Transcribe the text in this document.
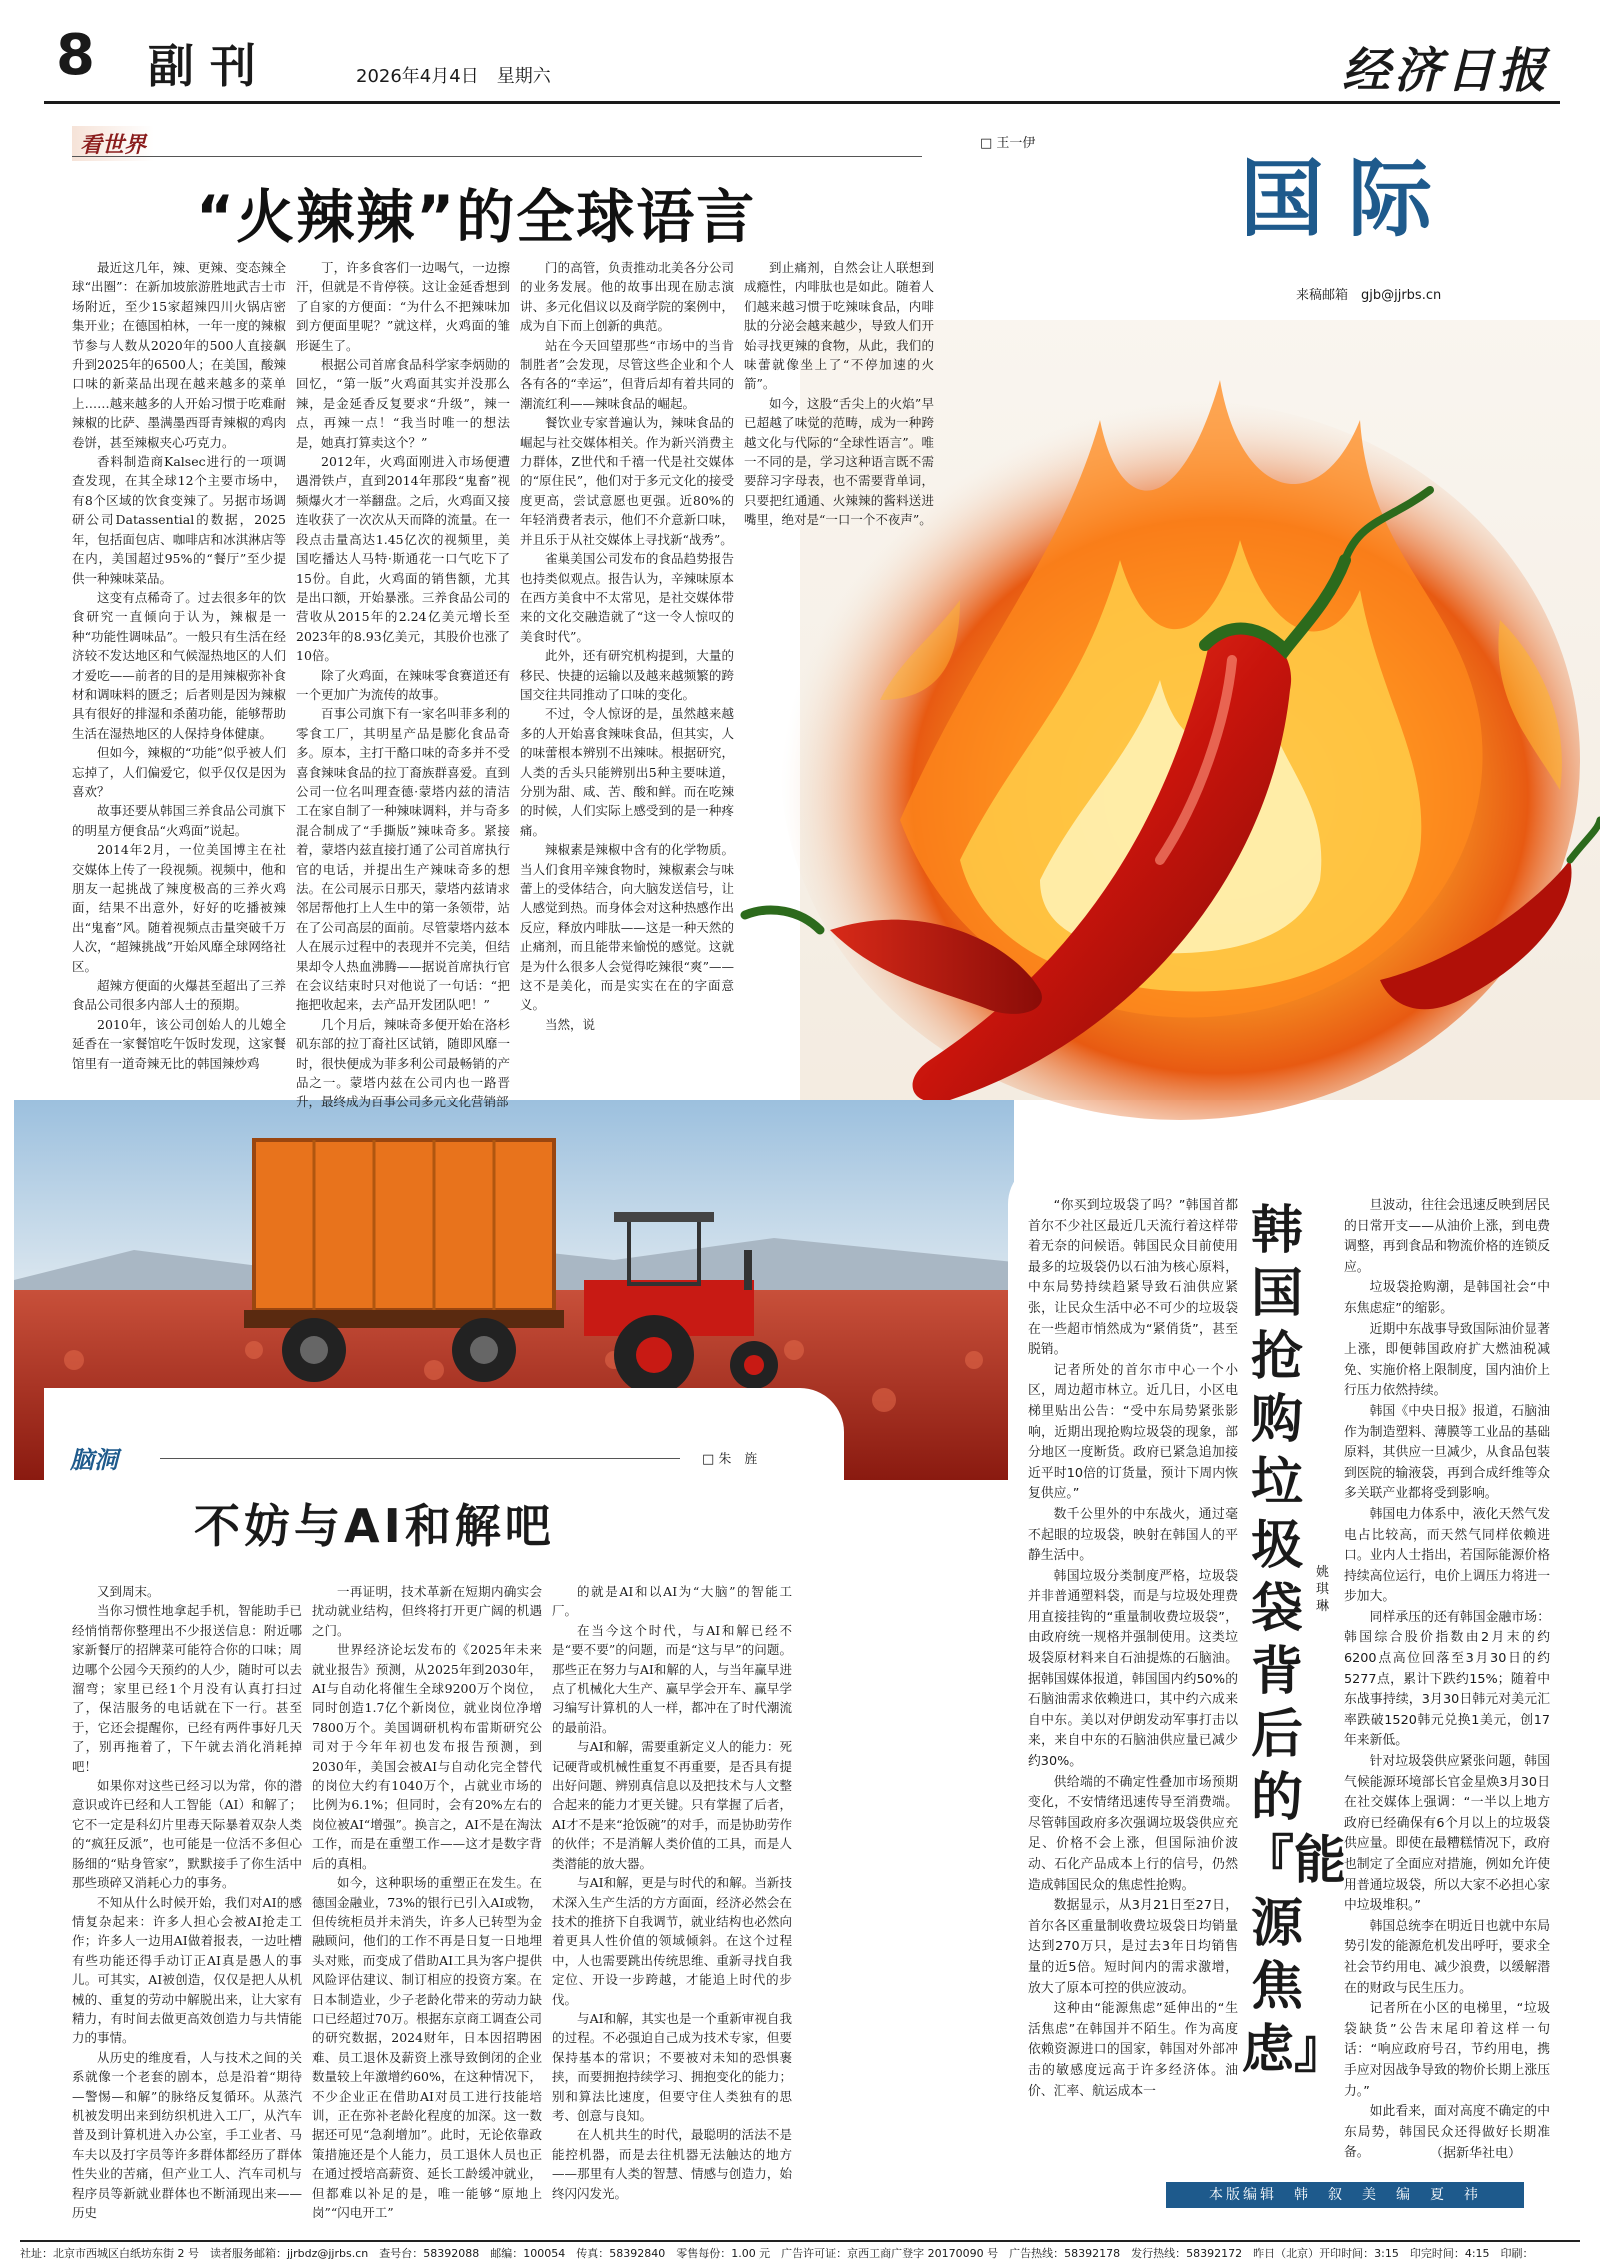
8 副刊	2026年4月4日　星期六	经济日报
国际
来稿邮箱　gjb@jjrbs.cn
看世界	□ 王一伊
“火辣辣”的全球语言

最近这几年，辣、更辣、变态辣全球“出圈”：在新加坡旅游胜地武吉士市场附近，至少15家超辣四川火锅店密集开业；在德国柏林，一年一度的辣椒节参与人数从2020年的500人直接飙升到2025年的6500人；在美国，酸辣口味的新菜品出现在越来越多的菜单上……越来越多的人开始习惯于吃难耐辣椒的比萨、墨满墨西哥青辣椒的鸡肉卷饼，甚至辣椒夹心巧克力。

香料制造商Kalsec进行的一项调查发现，在其全球12个主要市场中，有8个区域的饮食变辣了。另据市场调研公司Datassential的数据，2025年，包括面包店、咖啡店和冰淇淋店等在内，美国超过95%的“餐厅”至少提供一种辣味菜品。

这变有点稀奇了。过去很多年的饮食研究一直倾向于认为，辣椒是一种“功能性调味品”。一般只有生活在经济较不发达地区和气候湿热地区的人们才爱吃——前者的目的是用辣椒弥补食材和调味料的匮乏；后者则是因为辣椒具有很好的排湿和杀菌功能，能够帮助生活在湿热地区的人保持身体健康。

但如今，辣椒的“功能”似乎被人们忘掉了，人们偏爱它，似乎仅仅是因为喜欢？

故事还要从韩国三养食品公司旗下的明星方便食品“火鸡面”说起。

2014年2月，一位美国博主在社交媒体上传了一段视频。视频中，他和朋友一起挑战了辣度极高的三养火鸡面，结果不出意外，好好的吃播被辣出“鬼畜”风。随着视频点击量突破千万人次，“超辣挑战”开始风靡全球网络社区。

超辣方便面的火爆甚至超出了三养食品公司很多内部人士的预期。

2010年，该公司创始人的儿媳全延香在一家餐馆吃午饭时发现，这家餐馆里有一道奇辣无比的韩国辣炒鸡

丁，许多食客们一边喝气，一边擦汗，但就是不肯停筷。这让金延香想到了自家的方便面：“为什么不把辣味加到方便面里呢？”就这样，火鸡面的雏形诞生了。

根据公司首席食品科学家李炳勋的回忆，“第一版”火鸡面其实并没那么辣，是金延香反复要求“升级”，辣一点，再辣一点！“我当时唯一的想法是，她真打算卖这个？”

2012年，火鸡面刚进入市场便遭遇滑铁卢，直到2014年那段“鬼畜”视频爆火才一举翻盘。之后，火鸡面又接连收获了一次次从天而降的流量。在一段点击量高达1.45亿次的视频里，美国吃播达人马特·斯通花一口气吃下了15份。自此，火鸡面的销售额，尤其是出口额，开始暴涨。三养食品公司的营收从2015年的2.24亿美元增长至2023年的8.93亿美元，其股价也涨了10倍。

除了火鸡面，在辣味零食赛道还有一个更加广为流传的故事。

百事公司旗下有一家名叫菲多利的零食工厂，其明星产品是膨化食品奇多。原本，主打干酪口味的奇多并不受喜食辣味食品的拉丁裔族群喜爱。直到公司一位名叫理查德·蒙塔内兹的清洁工在家自制了一种辣味调料，并与奇多混合制成了“手撕版”辣味奇多。紧接着，蒙塔内兹直接打通了公司首席执行官的电话，并提出生产辣味奇多的想法。在公司展示日那天，蒙塔内兹请求邻居帮他打上人生中的第一条领带，站在了公司高层的面前。尽管蒙塔内兹本人在展示过程中的表现并不完美，但结果却令人热血沸腾——据说首席执行官在会议结束时只对他说了一句话：“把拖把收起来，去产品开发团队吧！”

几个月后，辣味奇多便开始在洛杉矶东部的拉丁裔社区试销，随即风靡一时，很快便成为菲多利公司最畅销的产品之一。蒙塔内兹在公司内也一路晋升，最终成为百事公司多元文化营销部

门的高管，负责推动北美各分公司的业务发展。他的故事出现在励志演讲、多元化倡议以及商学院的案例中，成为自下而上创新的典范。

站在今天回望那些“市场中的当肯制胜者”会发现，尽管这些企业和个人各有各的“幸运”，但背后却有着共同的潮流红利——辣味食品的崛起。

餐饮业专家普遍认为，辣味食品的崛起与社交媒体相关。作为新兴消费主力群体，Z世代和千禧一代是社交媒体的“原住民”，他们对于多元文化的接受度更高，尝试意愿也更强。近80%的年轻消费者表示，他们不介意新口味，并且乐于从社交媒体上寻找新“战秀”。

雀巢美国公司发布的食品趋势报告也持类似观点。报告认为，辛辣味原本在西方美食中不太常见，是社交媒体带来的文化交融造就了“这一令人惊叹的美食时代”。

此外，还有研究机构提到，大量的移民、快捷的运输以及越来越频繁的跨国交往共同推动了口味的变化。

不过，令人惊讶的是，虽然越来越多的人开始喜食辣味食品，但其实，人的味蕾根本辨别不出辣味。根据研究，人类的舌头只能辨别出5种主要味道，分别为甜、咸、苦、酸和鲜。而在吃辣的时候，人们实际上感受到的是一种疼痛。

辣椒素是辣椒中含有的化学物质。当人们食用辛辣食物时，辣椒素会与味蕾上的受体结合，向大脑发送信号，让人感觉到热。而身体会对这种热感作出反应，释放内啡肽——这是一种天然的止痛剂，而且能带来愉悦的感觉。这就是为什么很多人会觉得吃辣很“爽”——这不是美化，而是实实在在的字面意义。

当然，说

到止痛剂，自然会让人联想到成瘾性，内啡肽也是如此。随着人们越来越习惯于吃辣味食品，内啡肽的分泌会越来越少，导致人们开始寻找更辣的食物，从此，我们的味蕾就像坐上了“不停加速的火箭”。

如今，这股“舌尖上的火焰”早已超越了味觉的范畴，成为一种跨越文化与代际的“全球性语言”。唯一不同的是，学习这种语言既不需要辞习字母表，也不需要背单词，只要把红通通、火辣辣的酱料送进嘴里，绝对是“一口一个不夜声”。

脑洞	□ 朱　旌
不妨与AI和解吧

又到周末。

当你习惯性地拿起手机，智能助手已经悄悄帮你整理出不少报送信息：附近哪家新餐厅的招牌菜可能符合你的口味；周边哪个公园今天预约的人少，随时可以去溜弯；家里已经1个月没有认真打扫过了，保洁服务的电话就在下一行。甚至于，它还会提醒你，已经有两件事好几天了，别再拖着了，下午就去消化消耗掉吧！

如果你对这些已经习以为常，你的潜意识或许已经和人工智能（AI）和解了；它不一定是科幻片里毒天际暴着双杂人类的“疯狂反派”，也可能是一位活不多但心肠细的“贴身管家”，默默接手了你生活中那些琐碎又消耗心力的事务。

不知从什么时候开始，我们对AI的感情复杂起来：许多人担心会被AI抢走工作；许多人一边用AI做着报表，一边吐槽有些功能还得手动订正AI真是愚人的事儿。可其实，AI被创造，仅仅是把人从机械的、重复的劳动中解脱出来，让大家有精力，有时间去做更高效创造力与共情能力的事情。

从历史的维度看，人与技术之间的关系就像一个老套的剧本，总是沿着“期待—警惕—和解”的脉络反复循环。从蒸汽机被发明出来到纺织机进入工厂，从汽车普及到计算机进入办公室，手工业者、马车夫以及打字员等许多群体都经历了群体性失业的苦痛，但产业工人、汽车司机与程序员等新就业群体也不断涌现出来——历史

一再证明，技术革新在短期内确实会扰动就业结构，但终将打开更广阔的机遇之门。

世界经济论坛发布的《2025年未来就业报告》预测，从2025年到2030年，AI与自动化将催生全球9200万个岗位，同时创造1.7亿个新岗位，就业岗位净增7800万个。美国调研机构布雷斯研究公司对于今年年初也发布报告预测，到2030年，美国会被AI与自动化完全替代的岗位大约有1040万个，占就业市场的比例为6.1%；但同时，会有20%左右的岗位被AI“增强”。换言之，AI不是在淘汰工作，而是在重塑工作——这才是数字背后的真相。

如今，这种职场的重塑正在发生。在德国金融业，73%的银行已引入AI或物，但传统柜员并未消失，许多人已转型为金融顾问，他们的工作不再是日复一日地埋头对账，而变成了借助AI工具为客户提供风险评估建议、制订相应的投资方案。在日本制造业，少子老龄化带来的劳动力缺口已经超过70万。根据东京商工调查公司的研究数据，2024财年，日本因招聘困难、员工退休及薪资上涨导致倒闭的企业数量较上年激增约60%，在这种情况下，不少企业正在借助AI对员工进行技能培训，正在弥补老龄化程度的加深。这一数据还可见“急刹增加”。此时，无论依靠政策措施还是个人能力，员工退休人员也正在通过授培高薪资、延长工龄缓冲就业，但都难以补足的是，唯一能够“原地上岗”“闪电开工”

的就是AI和以AI为“大脑”的智能工厂。

在当今这个时代，与AI和解已经不是“要不要”的问题，而是“这与早”的问题。那些正在努力与AI和解的人，与当年赢早进点了机械化大生产、赢早学会开车、赢早学习编写计算机的人一样，都冲在了时代潮流的最前沿。

与AI和解，需要重新定义人的能力：死记硬背或机械性重复不再重要，是否具有提出好问题、辨别真信息以及把技术与人文整合起来的能力才更关键。只有掌握了后者，AI才不是来“抢饭碗”的对手，而是协助劳作的伙伴；不是消解人类价值的工具，而是人类潜能的放大器。

与AI和解，更是与时代的和解。当新技术深入生产生活的方方面面，经济必然会在技术的推挤下自我调节，就业结构也必然向着更具人性价值的领域倾斜。在这个过程中，人也需要跳出传统思维、重新寻找自我定位、开设一步跨越，才能追上时代的步伐。

与AI和解，其实也是一个重新审视自我的过程。不必强迫自己成为技术专家，但要保持基本的常识；不要被对未知的恐惧裹挟，而要拥抱持续学习、拥抱变化的能力；别和算法比速度，但要守住人类独有的思考、创意与良知。

在人机共生的时代，最聪明的活法不是能控机器，而是去往机器无法触达的地方——那里有人类的智慧、情感与创造力，始终闪闪发光。

“你买到垃圾袋了吗？”韩国首都首尔不少社区最近几天流行着这样带着无奈的问候语。韩国民众目前使用最多的垃圾袋仍以石油为核心原料，中东局势持续趋紧导致石油供应紧张，让民众生活中必不可少的垃圾袋在一些超市悄然成为“紧俏货”，甚至脱销。

记者所处的首尔市中心一个小区，周边超市林立。近几日，小区电梯里贴出公告：“受中东局势紧张影响，近期出现抢购垃圾袋的现象，部分地区一度断货。政府已紧急追加接近平时10倍的订货量，预计下周内恢复供应。”

数千公里外的中东战火，通过毫不起眼的垃圾袋，映射在韩国人的平静生活中。

韩国垃圾分类制度严格，垃圾袋并非普通塑料袋，而是与垃圾处理费用直接挂钩的“重量制收费垃圾袋”，由政府统一规格并强制使用。这类垃圾袋原材料来自石油提炼的石脑油。据韩国媒体报道，韩国国内约50%的石脑油需求依赖进口，其中约六成来自中东。美以对伊朗发动军事打击以来，来自中东的石脑油供应量已减少约30%。

供给端的不确定性叠加市场预期变化，不安情绪迅速传导至消费端。尽管韩国政府多次强调垃圾袋供应充足、价格不会上涨，但国际油价波动、石化产品成本上行的信号，仍然造成韩国民众的焦虑性抢购。

数据显示，从3月21日至27日，首尔各区重量制收费垃圾袋日均销量达到270万只，是过去3年日均销售量的近5倍。短时间内的需求激增，放大了原本可控的供应波动。

这种由“能源焦虑”延伸出的“生活焦虑”在韩国并不陌生。作为高度依赖资源进口的国家，韩国对外部冲击的敏感度远高于许多经济体。油价、汇率、航运成本一

韩国抢购垃圾袋背后的『能源焦虑』
姚琪琳

旦波动，往往会迅速反映到居民的日常开支——从油价上涨，到电费调整，再到食品和物流价格的连锁反应。

垃圾袋抢购潮，是韩国社会“中东焦虑症”的缩影。

近期中东战事导致国际油价显著上涨，即便韩国政府扩大燃油税减免、实施价格上限制度，国内油价上行压力依然持续。

韩国《中央日报》报道，石脑油作为制造塑料、薄膜等工业品的基础原料，其供应一旦减少，从食品包装到医院的输液袋，再到合成纤维等众多关联产业都将受到影响。

韩国电力体系中，液化天然气发电占比较高，而天然气同样依赖进口。业内人士指出，若国际能源价格持续高位运行，电价上调压力将进一步加大。

同样承压的还有韩国金融市场：韩国综合股价指数由2月末的约6200点高位回落至3月30日的约5277点，累计下跌约15%；随着中东战事持续，3月30日韩元对美元汇率跌破1520韩元兑换1美元，创17年来新低。

针对垃圾袋供应紧张问题，韩国气候能源环境部长官金星焕3月30日在社交媒体上强调：“一半以上地方政府已经确保有6个月以上的垃圾袋供应量。即使在最糟糕情况下，政府也制定了全面应对措施，例如允许使用普通垃圾袋，所以大家不必担心家中垃圾堆积。”

韩国总统李在明近日也就中东局势引发的能源危机发出呼吁，要求全社会节约用电、减少浪费，以缓解潜在的财政与民生压力。

记者所在小区的电梯里，“垃圾袋缺货”公告末尾印着这样一句话：“响应政府号召，节约用电，携手应对因战争导致的物价长期上涨压力。”

如此看来，面对高度不确定的中东局势，韩国民众还得做好长期准备。	（据新华社电）
本版编辑　韩　叙　美　编　夏　祎
社址：北京市西城区白纸坊东街 2 号　读者服务邮箱：jjrbdz@jjrbs.cn　查号台：58392088　邮编：100054　传真：58392840　零售每份：1.00 元　广告许可证：京西工商广登字 20170090 号　广告热线：58392178　发行热线：58392172　昨日（北京）开印时间：3:15　印完时间：4:15　印刷：
